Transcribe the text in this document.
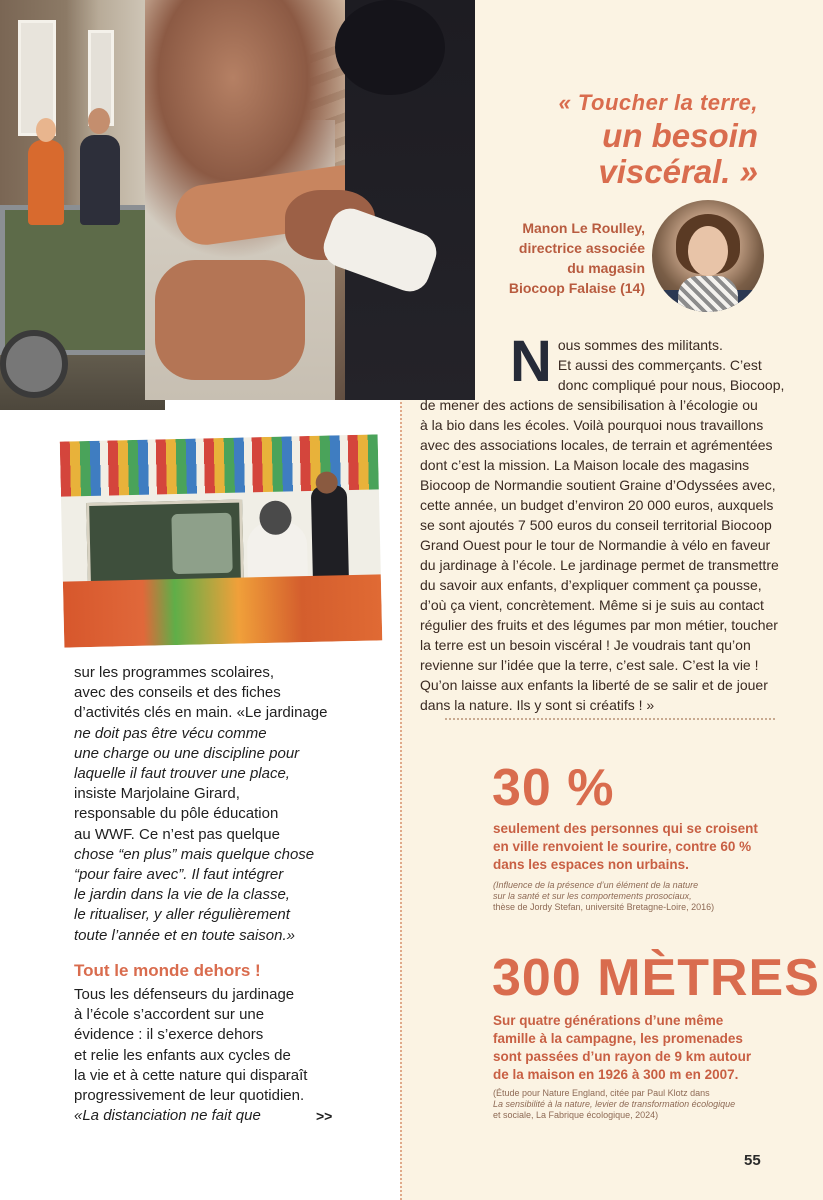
« Toucher la terre,
un besoin
viscéral. »
Manon Le Roulley,
directrice associée
du magasin
Biocoop Falaise (14)
N ous sommes des militants.
Et aussi des commerçants. C’est
donc compliqué pour nous, Biocoop,
de mener des actions de sensibilisation à l’écologie ou
à la bio dans les écoles. Voilà pourquoi nous travaillons
avec des associations locales, de terrain et agrémentées
dont c’est la mission. La Maison locale des magasins
Biocoop de Normandie soutient Graine d’Odyssées avec,
cette année, un budget d’environ 20 000 euros, auxquels
se sont ajoutés 7 500 euros du conseil territorial Biocoop
Grand Ouest pour le tour de Normandie à vélo en faveur
du jardinage à l’école. Le jardinage permet de transmettre
du savoir aux enfants, d’expliquer comment ça pousse,
d’où ça vient, concrètement. Même si je suis au contact
régulier des fruits et des légumes par mon métier, toucher
la terre est un besoin viscéral ! Je voudrais tant qu’on
revienne sur l’idée que la terre, c’est sale. C’est la vie !
Qu’on laisse aux enfants la liberté de se salir et de jouer
dans la nature. Ils y sont si créatifs ! »
30 %
seulement des personnes qui se croisent
en ville renvoient le sourire, contre 60 %
dans les espaces non urbains.
(Influence de la présence d’un élément de la nature
sur la santé et sur les comportements prosociaux,
thèse de Jordy Stefan, université Bretagne-Loire, 2016)
300 MÈTRES
Sur quatre générations d’une même
famille à la campagne, les promenades
sont passées d’un rayon de 9 km autour
de la maison en 1926 à 300 m en 2007.
(Étude pour Nature England, citée par Paul Klotz dans
La sensibilité à la nature, levier de transformation écologique
et sociale, La Fabrique écologique, 2024)
55
sur les programmes scolaires,
avec des conseils et des fiches
d’activités clés en main. «Le jardinage
ne doit pas être vécu comme
une charge ou une discipline pour
laquelle il faut trouver une place,
insiste Marjolaine Girard,
responsable du pôle éducation
au WWF. Ce n’est pas quelque
chose “en plus” mais quelque chose
“pour faire avec”. Il faut intégrer
le jardin dans la vie de la classe,
le ritualiser, y aller régulièrement
toute l’année et en toute saison.»
Tout le monde dehors !
Tous les défenseurs du jardinage
à l’école s’accordent sur une
évidence : il s’exerce dehors
et relie les enfants aux cycles de
la vie et à cette nature qui disparaît
progressivement de leur quotidien.
«La distanciation ne fait que	>>
